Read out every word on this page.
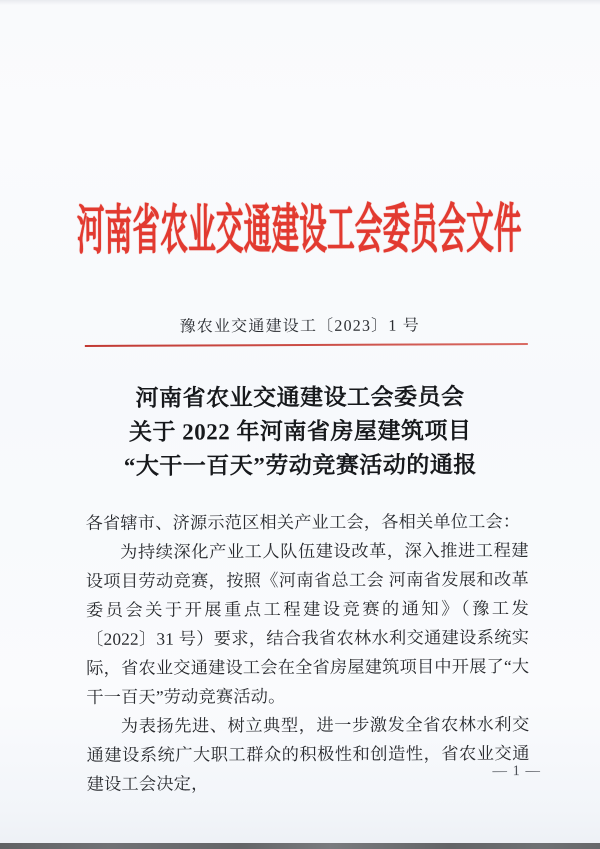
河南省农业交通建设工会委员会文件
豫农业交通建设工〔2023〕1 号
河南省农业交通建设工会委员会
关于 2022 年河南省房屋建筑项目
“大干一百天”劳动竞赛活动的通报
各省辖市、济源示范区相关产业工会，各相关单位工会：

为持续深化产业工人队伍建设改革，深入推进工程建设项目劳动竞赛，按照《河南省总工会 河南省发展和改革委员会关于开展重点工程建设竞赛的通知》（豫工发〔2022〕31 号）要求，结合我省农林水利交通建设系统实际，省农业交通建设工会在全省房屋建筑项目中开展了“大干一百天”劳动竞赛活动。

为表扬先进、树立典型，进一步激发全省农林水利交通建设系统广大职工群众的积极性和创造性，省农业交通建设工会决定，

— 1 —
